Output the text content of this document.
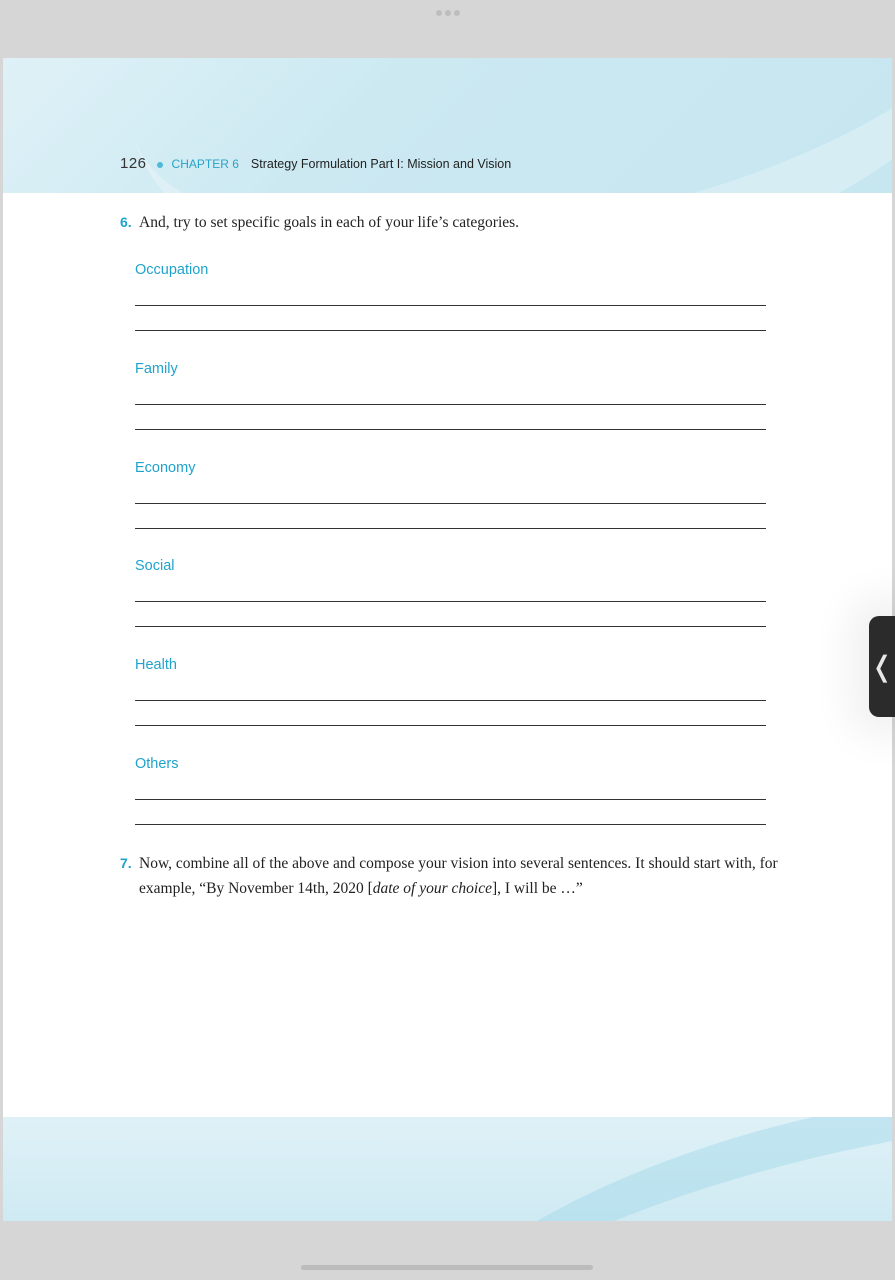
126 CHAPTER 6 Strategy Formulation Part I: Mission and Vision
6. And, try to set specific goals in each of your life’s categories.
Occupation
Family
Economy
Social
Health
Others
7. Now, combine all of the above and compose your vision into several sentences. It should start with, for example, “By November 14th, 2020 [date of your choice], I will be …”
❬
